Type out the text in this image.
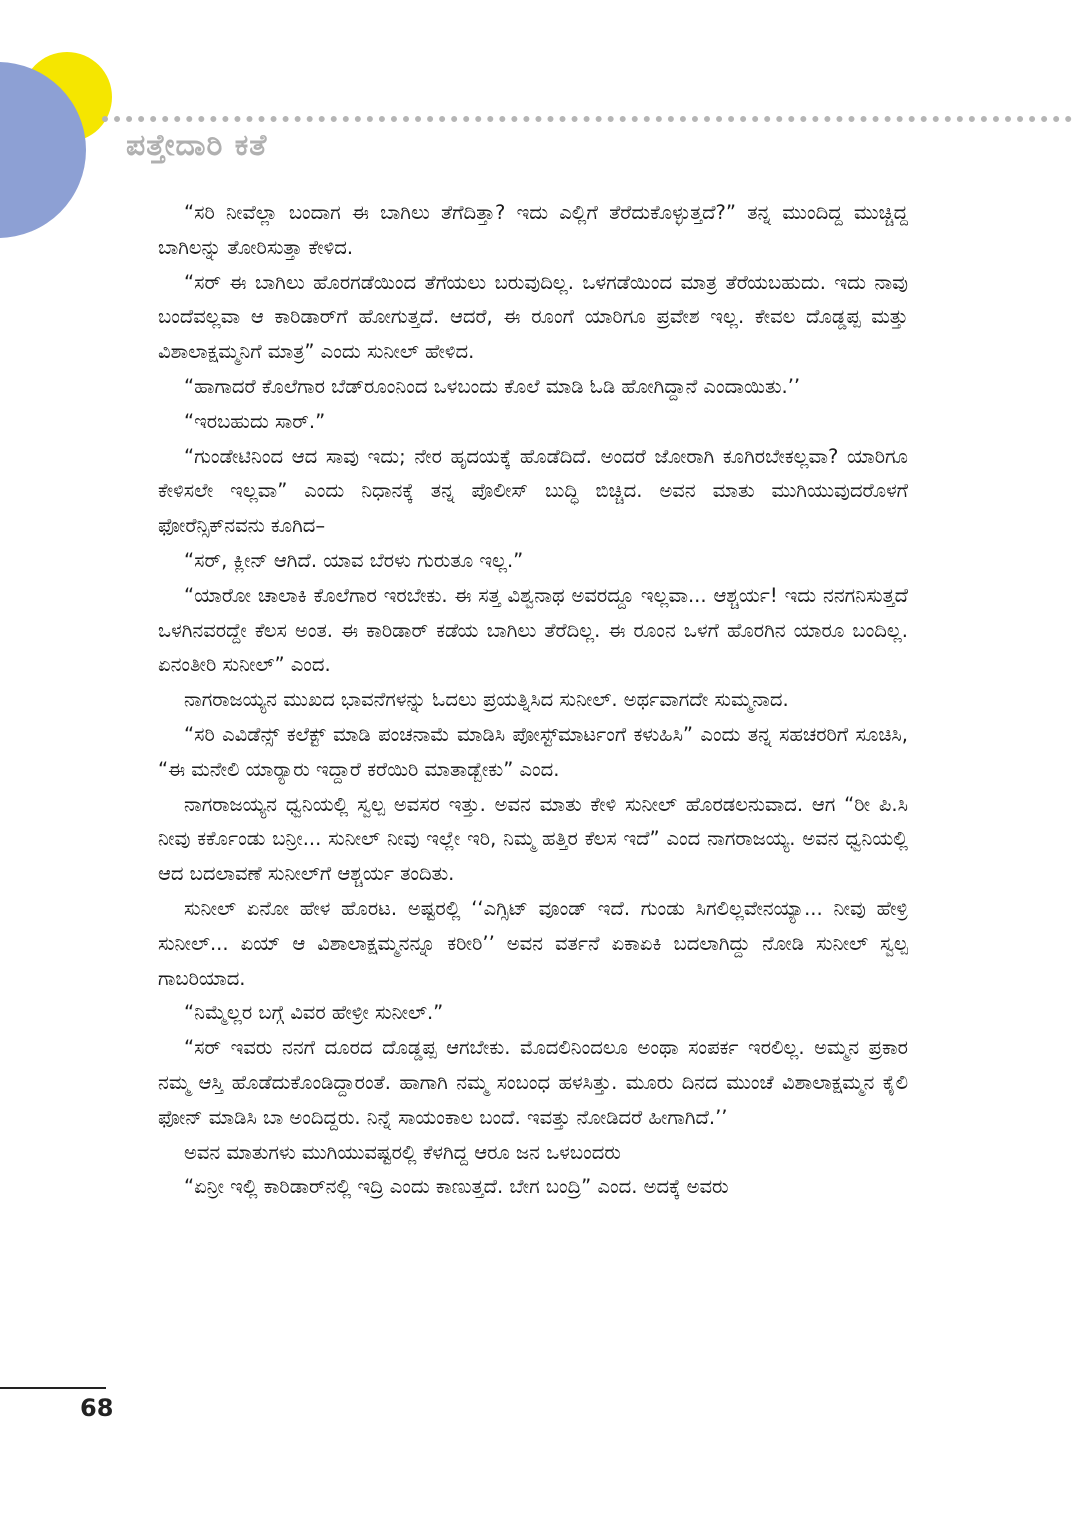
ಪತ್ತೇದಾರಿ ಕತೆ

“ಸರಿ ನೀವೆಲ್ಲಾ ಬಂದಾಗ ಈ ಬಾಗಿಲು ತೆಗೆದಿತ್ತಾ? ಇದು ಎಲ್ಲಿಗೆ ತೆರೆದುಕೊಳ್ಳುತ್ತದೆ?” ತನ್ನ ಮುಂದಿದ್ದ ಮುಚ್ಚಿದ್ದ ಬಾಗಿಲನ್ನು ತೋರಿಸುತ್ತಾ ಕೇಳಿದ.

“ಸರ್ ಈ ಬಾಗಿಲು ಹೊರಗಡೆಯಿಂದ ತೆಗೆಯಲು ಬರುವುದಿಲ್ಲ. ಒಳಗಡೆಯಿಂದ ಮಾತ್ರ ತೆರೆಯಬಹುದು. ಇದು ನಾವು ಬಂದೆವಲ್ಲವಾ ಆ ಕಾರಿಡಾರ್‌ಗೆ ಹೋಗುತ್ತದೆ. ಆದರೆ, ಈ ರೂಂಗೆ ಯಾರಿಗೂ ಪ್ರವೇಶ ಇಲ್ಲ. ಕೇವಲ ದೊಡ್ಡಪ್ಪ ಮತ್ತು ವಿಶಾಲಾಕ್ಷಮ್ಮನಿಗೆ ಮಾತ್ರ” ಎಂದು ಸುನೀಲ್ ಹೇಳಿದ.

“ಹಾಗಾದರೆ ಕೊಲೆಗಾರ ಬೆಡ್‌ರೂಂನಿಂದ ಒಳಬಂದು ಕೊಲೆ ಮಾಡಿ ಓಡಿ ಹೋಗಿದ್ದಾನೆ ಎಂದಾಯಿತು.’’

“ಇರಬಹುದು ಸಾರ್.”

“ಗುಂಡೇಟಿನಿಂದ ಆದ ಸಾವು ಇದು; ನೇರ ಹೃದಯಕ್ಕೆ ಹೊಡೆದಿದೆ. ಅಂದರೆ ಜೋರಾಗಿ ಕೂಗಿರಬೇಕಲ್ಲವಾ? ಯಾರಿಗೂ ಕೇಳಿಸಲೇ ಇಲ್ಲವಾ” ಎಂದು ನಿಧಾನಕ್ಕೆ ತನ್ನ ಪೊಲೀಸ್ ಬುದ್ಧಿ ಬಿಚ್ಚಿದ. ಅವನ ಮಾತು ಮುಗಿಯುವುದರೊಳಗೆ ಫೋರೆನ್ಸಿಕ್‌ನವನು ಕೂಗಿದ–

“ಸರ್, ಕ್ಲೀನ್ ಆಗಿದೆ. ಯಾವ ಬೆರಳು ಗುರುತೂ ಇಲ್ಲ.”

“ಯಾರೋ ಚಾಲಾಕಿ ಕೊಲೆಗಾರ ಇರಬೇಕು. ಈ ಸತ್ತ ವಿಶ್ವನಾಥ ಅವರದ್ದೂ ಇಲ್ಲವಾ... ಆಶ್ಚರ್ಯ! ಇದು ನನಗನಿಸುತ್ತದೆ ಒಳಗಿನವರದ್ದೇ ಕೆಲಸ ಅಂತ. ಈ ಕಾರಿಡಾರ್ ಕಡೆಯ ಬಾಗಿಲು ತೆರೆದಿಲ್ಲ. ಈ ರೂಂನ ಒಳಗೆ ಹೊರಗಿನ ಯಾರೂ ಬಂದಿಲ್ಲ. ಏನಂತೀರಿ ಸುನೀಲ್” ಎಂದ.

ನಾಗರಾಜಯ್ಯನ ಮುಖದ ಭಾವನೆಗಳನ್ನು ಓದಲು ಪ್ರಯತ್ನಿಸಿದ ಸುನೀಲ್. ಅರ್ಥವಾಗದೇ ಸುಮ್ಮನಾದ.

“ಸರಿ ಎವಿಡೆನ್ಸ್ ಕಲೆಕ್ಟ್ ಮಾಡಿ ಪಂಚನಾಮೆ ಮಾಡಿಸಿ ಪೋಸ್ಟ್‌ಮಾರ್ಟಂಗೆ ಕಳುಹಿಸಿ” ಎಂದು ತನ್ನ ಸಹಚರರಿಗೆ ಸೂಚಿಸಿ, “ಈ ಮನೇಲಿ ಯಾರ್‍ಯಾರು ಇದ್ದಾರೆ ಕರೆಯಿರಿ ಮಾತಾಡ್ಬೇಕು” ಎಂದ.

ನಾಗರಾಜಯ್ಯನ ಧ್ವನಿಯಲ್ಲಿ ಸ್ವಲ್ಪ ಅವಸರ ಇತ್ತು. ಅವನ ಮಾತು ಕೇಳಿ ಸುನೀಲ್ ಹೊರಡಲನುವಾದ. ಆಗ “ರೀ ಪಿ.ಸಿ ನೀವು ಕರ್ಕೊಂಡು ಬನ್ರೀ... ಸುನೀಲ್ ನೀವು ಇಲ್ಲೇ ಇರಿ, ನಿಮ್ಮ ಹತ್ತಿರ ಕೆಲಸ ಇದೆ” ಎಂದ ನಾಗರಾಜಯ್ಯ. ಅವನ ಧ್ವನಿಯಲ್ಲಿ ಆದ ಬದಲಾವಣೆ ಸುನೀಲ್‌ಗೆ ಆಶ್ಚರ್ಯ ತಂದಿತು.

ಸುನೀಲ್ ಏನೋ ಹೇಳ ಹೊರಟ. ಅಷ್ಟರಲ್ಲಿ ‘‘ಎಗ್ಸಿಟ್ ವೂಂಡ್ ಇದೆ. ಗುಂಡು ಸಿಗಲಿಲ್ಲವೇನಯ್ಯಾ... ನೀವು ಹೇಳ್ರಿ ಸುನೀಲ್... ಏಯ್ ಆ ವಿಶಾಲಾಕ್ಷಮ್ಮನನ್ನೂ ಕರೀರಿ’’ ಅವನ ವರ್ತನೆ ಏಕಾಏಕಿ ಬದಲಾಗಿದ್ದು ನೋಡಿ ಸುನೀಲ್ ಸ್ವಲ್ಪ ಗಾಬರಿಯಾದ.

“ನಿಮ್ಮೆಲ್ಲರ ಬಗ್ಗೆ ವಿವರ ಹೇಳ್ರೀ ಸುನೀಲ್.”

“ಸರ್ ಇವರು ನನಗೆ ದೂರದ ದೊಡ್ಡಪ್ಪ ಆಗಬೇಕು. ಮೊದಲಿನಿಂದಲೂ ಅಂಥಾ ಸಂಪರ್ಕ ಇರಲಿಲ್ಲ. ಅಮ್ಮನ ಪ್ರಕಾರ ನಮ್ಮ ಆಸ್ತಿ ಹೊಡೆದುಕೊಂಡಿದ್ದಾರಂತೆ. ಹಾಗಾಗಿ ನಮ್ಮ ಸಂಬಂಧ ಹಳಸಿತ್ತು. ಮೂರು ದಿನದ ಮುಂಚೆ ವಿಶಾಲಾಕ್ಷಮ್ಮನ ಕೈಲಿ ಫೋನ್ ಮಾಡಿಸಿ ಬಾ ಅಂದಿದ್ದರು. ನಿನ್ನೆ ಸಾಯಂಕಾಲ ಬಂದೆ. ಇವತ್ತು ನೋಡಿದರೆ ಹೀಗಾಗಿದೆ.’’

ಅವನ ಮಾತುಗಳು ಮುಗಿಯುವಷ್ಟರಲ್ಲಿ ಕೆಳಗಿದ್ದ ಆರೂ ಜನ ಒಳಬಂದರು

“ಏನ್ರೀ ಇಲ್ಲಿ ಕಾರಿಡಾರ್‌ನಲ್ಲಿ ಇದ್ರಿ ಎಂದು ಕಾಣುತ್ತದೆ. ಬೇಗ ಬಂದ್ರಿ” ಎಂದ. ಅದಕ್ಕೆ ಅವರು

68
